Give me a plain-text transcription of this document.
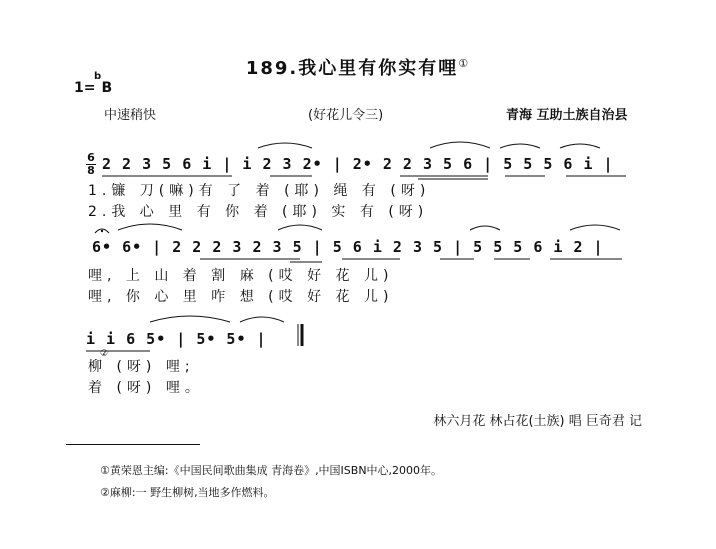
189.我心里有你实有哩①
1= B
b
中速稍快	(好花儿令三)	青海 互助土族自治县
6
8 2 2 3 5 6 i | i 2 3 2• | 2• 2 2 3 5 6 | 5 5 5 6 i |
1.镰 刀(嘛)有 了 着 (耶) 绳 有 (呀)
2.我 心 里 有 你 着 (耶) 实 有 (呀)
6• 6• | 2 2 2 3 2 3 5 | 5 6 i 2 3 5 | 5 5 5 6 i 2 |
哩, 上 山 着 割 麻 (哎 好 花 儿)
哩, 你 心 里 咋 想 (哎 好 花 儿)
i i 6 5• | 5• 5• |
柳 (呀) 哩;
②
着 (呀) 哩。
林六月花 林占花(土族) 唱 巨奇君 记
①黄荣恩主编:《中国民间歌曲集成 青海卷》,中国ISBN中心,2000年。
②麻柳:一 野生柳树,当地多作燃料。
